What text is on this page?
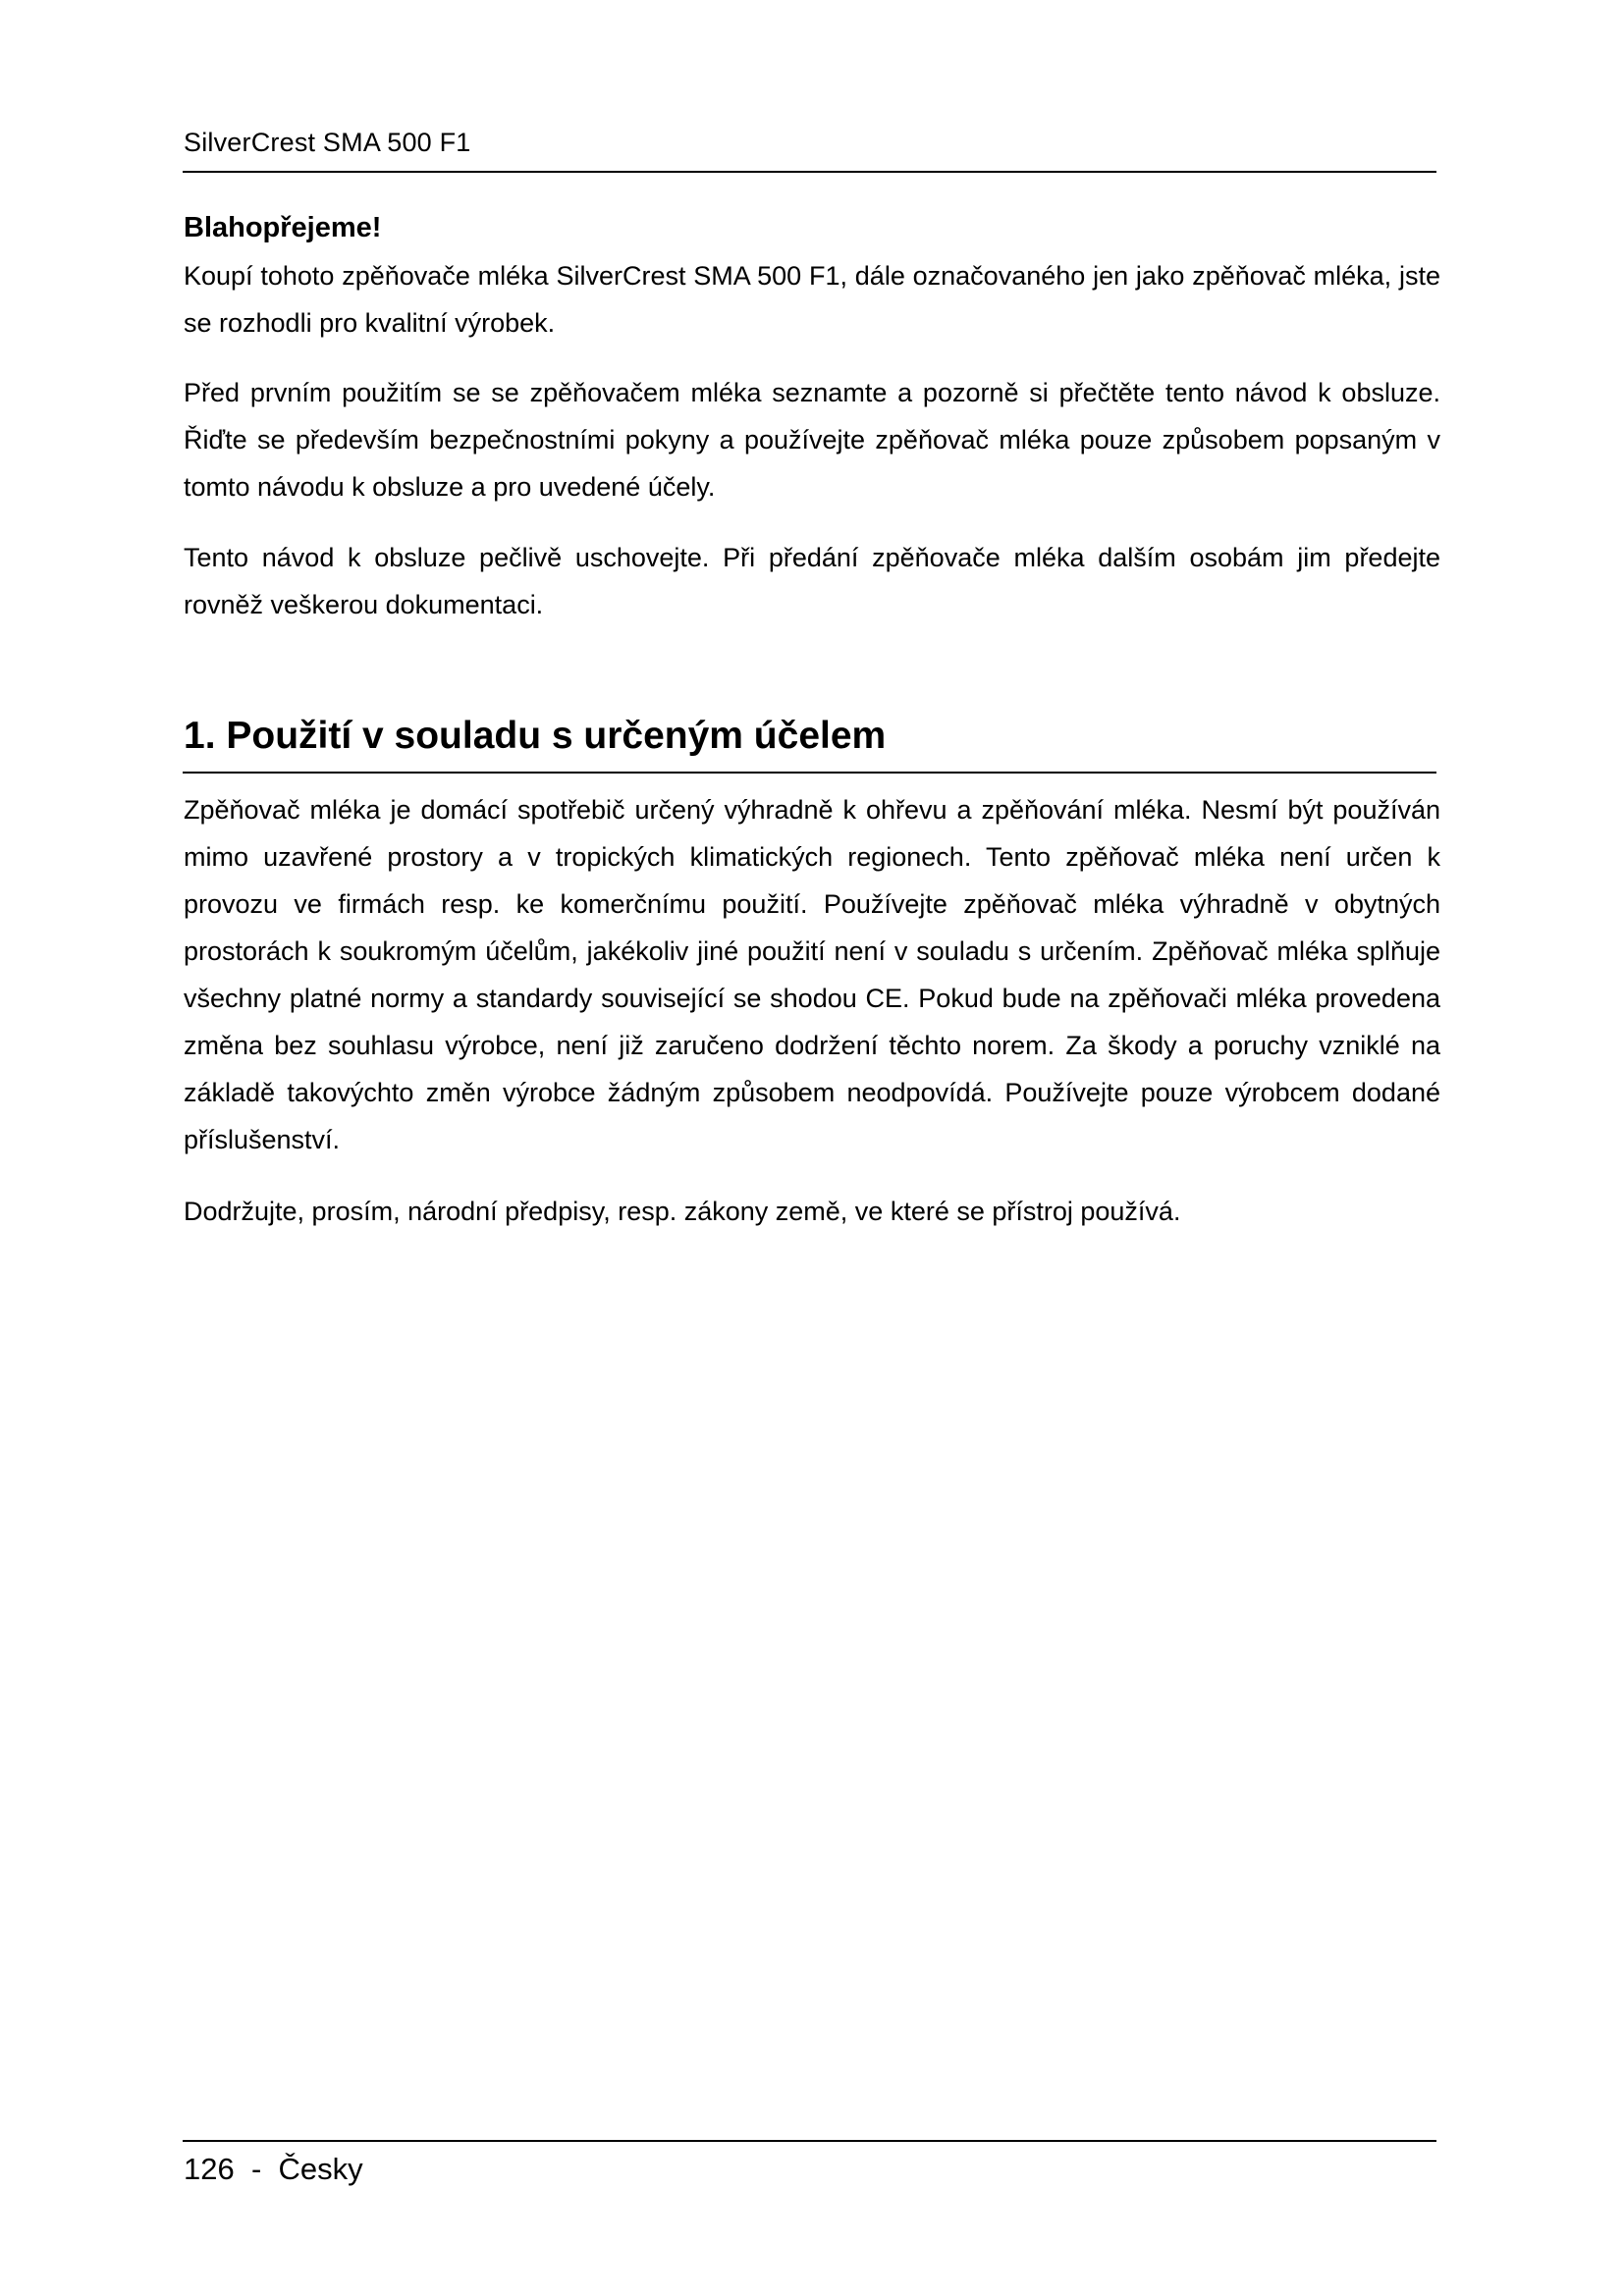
SilverCrest SMA 500 F1
Blahopřejeme!

Koupí tohoto zpěňovače mléka SilverCrest SMA 500 F1, dále označovaného jen jako zpěňovač mléka, jste se rozhodli pro kvalitní výrobek.

Před prvním použitím se se zpěňovačem mléka seznamte a pozorně si přečtěte tento návod k obsluze. Řiďte se především bezpečnostními pokyny a používejte zpěňovač mléka pouze způsobem popsaným v tomto návodu k obsluze a pro uvedené účely.

Tento návod k obsluze pečlivě uschovejte. Při předání zpěňovače mléka dalším osobám jim předejte rovněž veškerou dokumentaci.

1. Použití v souladu s určeným účelem

Zpěňovač mléka je domácí spotřebič určený výhradně k ohřevu a zpěňování mléka. Nesmí být používán mimo uzavřené prostory a v tropických klimatických regionech. Tento zpěňovač mléka není určen k provozu ve firmách resp. ke komerčnímu použití. Používejte zpěňovač mléka výhradně v obytných prostorách k soukromým účelům, jakékoliv jiné použití není v souladu s určením. Zpěňovač mléka splňuje všechny platné normy a standardy související se shodou CE. Pokud bude na zpěňovači mléka provedena změna bez souhlasu výrobce, není již zaručeno dodržení těchto norem. Za škody a poruchy vzniklé na základě takovýchto změn výrobce žádným způsobem neodpovídá. Používejte pouze výrobcem dodané příslušenství.

Dodržujte, prosím, národní předpisy, resp. zákony země, ve které se přístroj používá.

126  -  Česky
